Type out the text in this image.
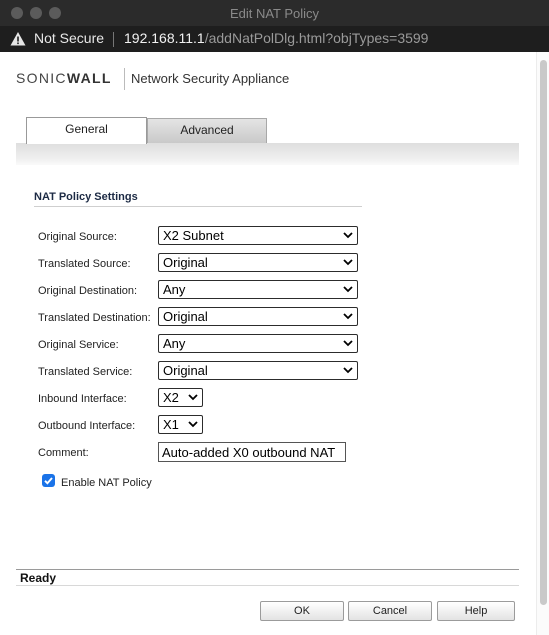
Edit NAT Policy
Not Secure 192.168.11.1/addNatPolDlg.html?objTypes=3599
SONICWALL Network Security Appliance
General	Advanced
NAT Policy Settings
Original Source:	X2 Subnet
Translated Source:	Original
Original Destination:	Any
Translated Destination: Original
Original Service:	Any
Translated Service:	Original
Inbound Interface:	X2
Outbound Interface:	X1
Comment:
Auto-added X0 outbound NAT
Enable NAT Policy
Ready
OK	Cancel	Help
